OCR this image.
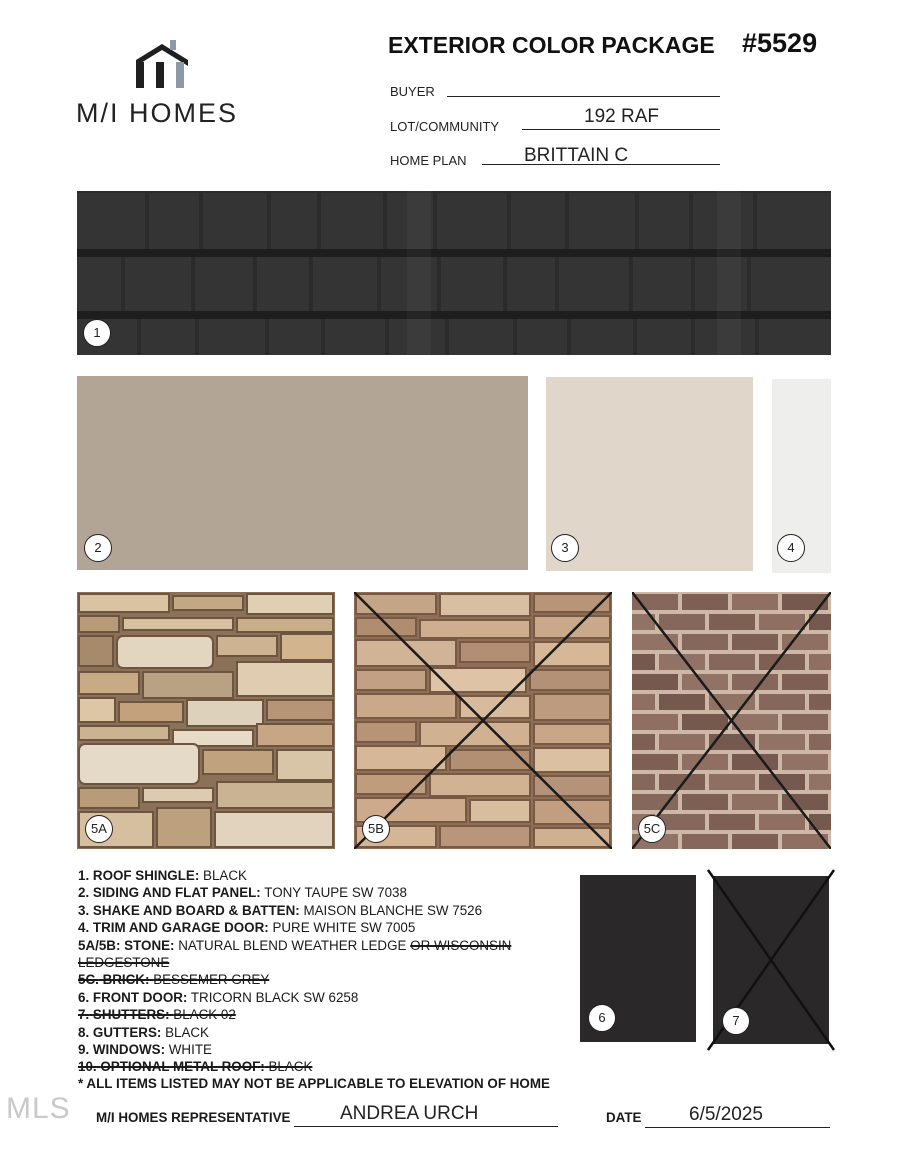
M/I HOMES
EXTERIOR COLOR PACKAGE #5529
BUYER
LOT/COMMUNITY	192 RAF
HOME PLAN	BRITTAIN C
1
2	3	4
5A	5B	5C
1. ROOF SHINGLE: BLACK
2. SIDING AND FLAT PANEL: TONY TAUPE SW 7038
3. SHAKE AND BOARD & BATTEN: MAISON BLANCHE SW 7526
4. TRIM AND GARAGE DOOR: PURE WHITE SW 7005
5A/5B: STONE: NATURAL BLEND WEATHER LEDGE OR WISCONSIN
LEDGESTONE
5C. BRICK: BESSEMER GREY
6. FRONT DOOR: TRICORN BLACK SW 6258
7. SHUTTERS: BLACK 02
8. GUTTERS: BLACK
9. WINDOWS: WHITE
10. OPTIONAL METAL ROOF: BLACK
* ALL ITEMS LISTED MAY NOT BE APPLICABLE TO ELEVATION OF HOME
6	7
MLS M/I HOMES REPRESENTATIVE	ANDREA URCH	DATE	6/5/2025
